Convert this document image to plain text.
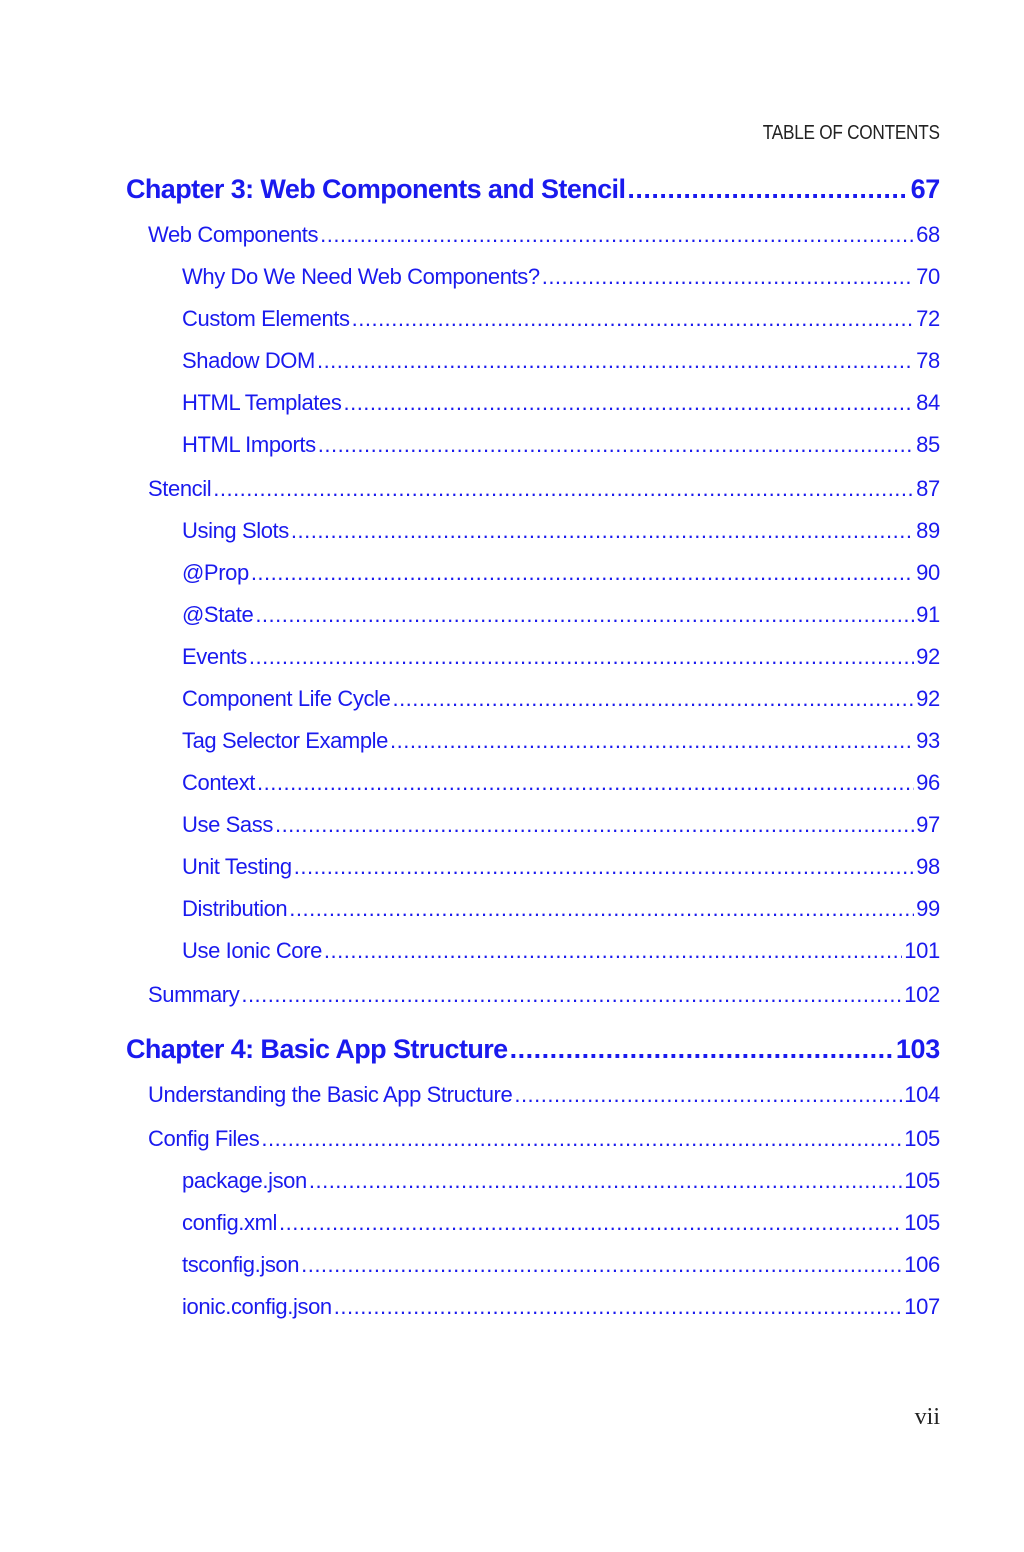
TABLE OF CONTENTS
Chapter 3: Web Components and Stencil .....	67
Web Components .....	68
Why Do We Need Web Components? .....	70
Custom Elements .....	72
Shadow DOM .....	78
HTML Templates .....	84
HTML Imports .....	85
Stencil .....	87
Using Slots .....	89
@Prop .....	90
@State .....	91
Events .....	92
Component Life Cycle .....	92
Tag Selector Example .....	93
Context .....	96
Use Sass .....	97
Unit Testing .....	98
Distribution .....	99
Use Ionic Core .....	101
Summary .....	102
Chapter 4: Basic App Structure .....	103
Understanding the Basic App Structure .....	104
Config Files .....	105
package.json .....	105
config.xml .....	105
tsconfig.json .....	106
ionic.config.json .....	107
vii
